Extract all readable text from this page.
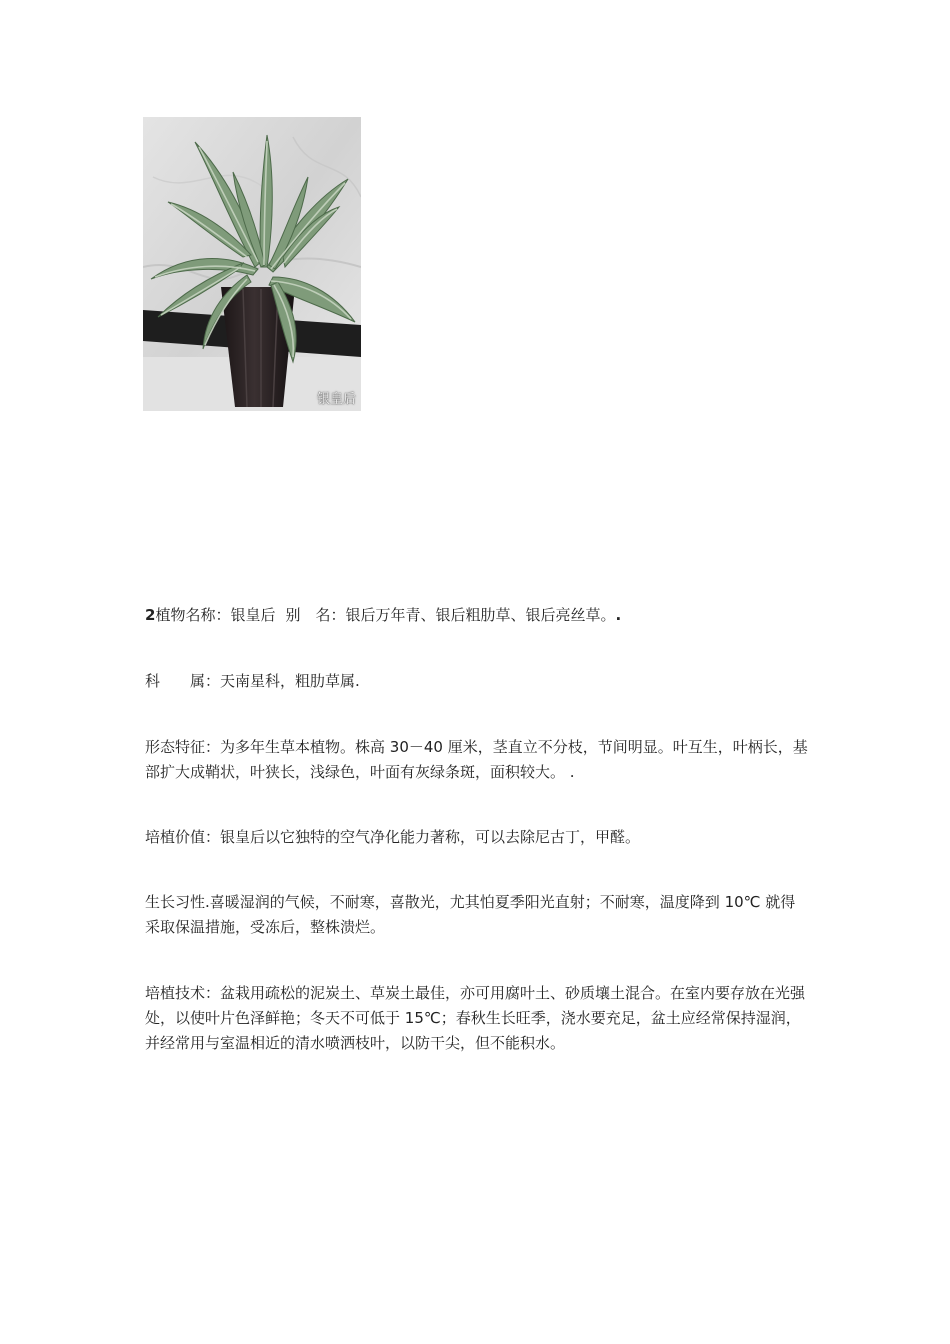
银皇后

2植物名称：银皇后 别　名：银后万年青、银后粗肋草、银后亮丝草。.

科　　属：天南星科，粗肋草属.

形态特征：为多年生草本植物。株高 30－40 厘米，茎直立不分枝，节间明显。叶互生，叶柄长，基部扩大成鞘状，叶狭长，浅绿色，叶面有灰绿条斑，面积较大。 .

培植价值：银皇后以它独特的空气净化能力著称，可以去除尼古丁，甲醛。

生长习性.喜暖湿润的气候，不耐寒，喜散光，尤其怕夏季阳光直射；不耐寒，温度降到 10℃ 就得采取保温措施，受冻后，整株溃烂。

培植技术：盆栽用疏松的泥炭土、草炭土最佳，亦可用腐叶土、砂质壤土混合。在室内要存放在光强处，以使叶片色泽鲜艳；冬天不可低于 15℃；春秋生长旺季，浇水要充足，盆土应经常保持湿润，并经常用与室温相近的清水喷洒枝叶，以防干尖，但不能积水。
